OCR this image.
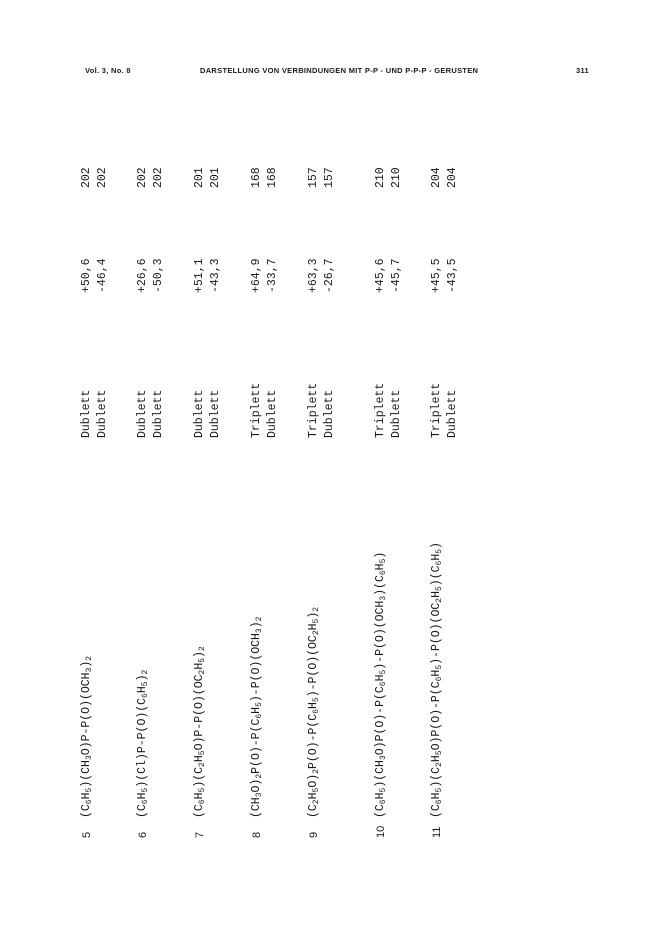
Vol. 3, No. 8	DARSTELLUNG VON VERBINDUNGEN MIT P-P - UND P-P-P - GERUSTEN	311
5
$(C_6H_5)(CH_3O)P-P(O)(OCH_3)_2$
Dublett
+50,6
202
Dublett
-46,4
202
6
$(C_6H_5)(Cl)P-P(O)(C_6H_5)_2$
Dublett
+26,6
202
Dublett
-50,3
202
7
$(C_6H_5)(C_2H_5O)P-P(O)(OC_2H_5)_2$
Dublett
+51,1
201
Dublett
-43,3
201
8
$(CH_3O)_2P(O)-P(C_6H_5)-P(O)(OCH_3)_2$
Triplett
+64,9
168
Dublett
-33,7
168
9
$(C_2H_5O)_2P(O)-P(C_6H_5)-P(O)(OC_2H_5)_2$
Triplett
+63,3
157
Dublett
-26,7
157
10
$(C_6H_5)(CH_3O)P(O)-P(C_6H_5)-P(O)(OCH_3)(C_6H_5)$
Triplett
+45,6
210
Dublett
-45,7
210
11
$(C_6H_5)(C_2H_5O)P(O)-P(C_6H_5)-P(O)(OC_2H_5)(C_6H_5)$
Triplett
+45,5
204
Dublett
-43,5
204
